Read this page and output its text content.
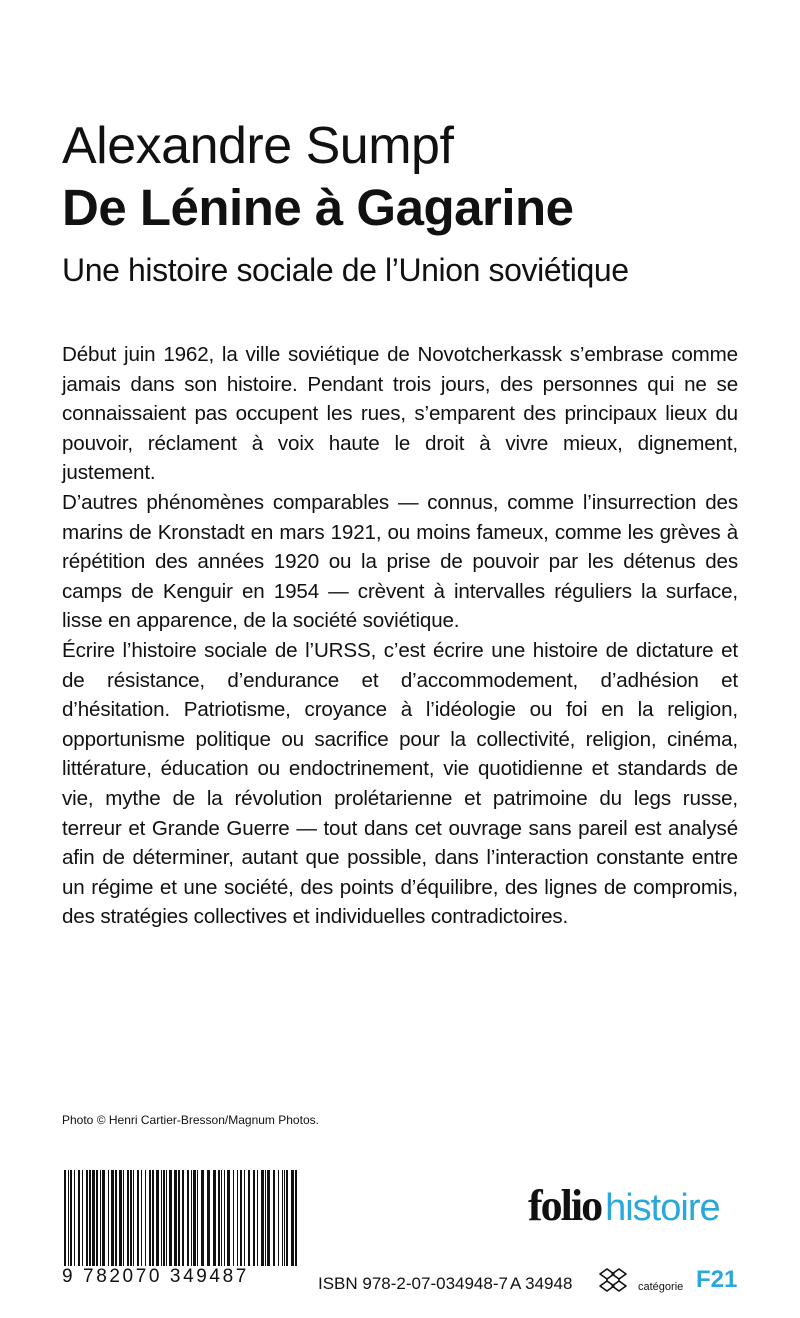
Alexandre Sumpf
De Lénine à Gagarine
Une histoire sociale de l’Union soviétique

Début juin 1962, la ville soviétique de Novotcherkassk s’embrase comme jamais dans son histoire. Pendant trois jours, des personnes qui ne se connaissaient pas occupent les rues, s’emparent des principaux lieux du pouvoir, réclament à voix haute le droit à vivre mieux, dignement, justement.

D’autres phénomènes comparables — connus, comme l’insurrection des marins de Kronstadt en mars 1921, ou moins fameux, comme les grèves à répétition des années 1920 ou la prise de pouvoir par les détenus des camps de Kenguir en 1954 — crèvent à intervalles réguliers la surface, lisse en apparence, de la société soviétique.

Écrire l’histoire sociale de l’URSS, c’est écrire une histoire de dictature et de résistance, d’endurance et d’accommodement, d’adhésion et d’hésitation. Patriotisme, croyance à l’idéologie ou foi en la religion, opportunisme politique ou sacrifice pour la collectivité, religion, cinéma, littérature, éducation ou endoctrinement, vie quotidienne et standards de vie, mythe de la révolution prolétarienne et patrimoine du legs russe, terreur et Grande Guerre — tout dans cet ouvrage sans pareil est analysé afin de déterminer, autant que possible, dans l’interaction constante entre un régime et une société, des points d’équilibre, des lignes de compromis, des stratégies collectives et individuelles contradictoires.

Photo © Henri Cartier-Bresson/Magnum Photos.
9 782070 349487
folio histoire
ISBN 978-2-07-034948-7 A 34948	catégorie F21
